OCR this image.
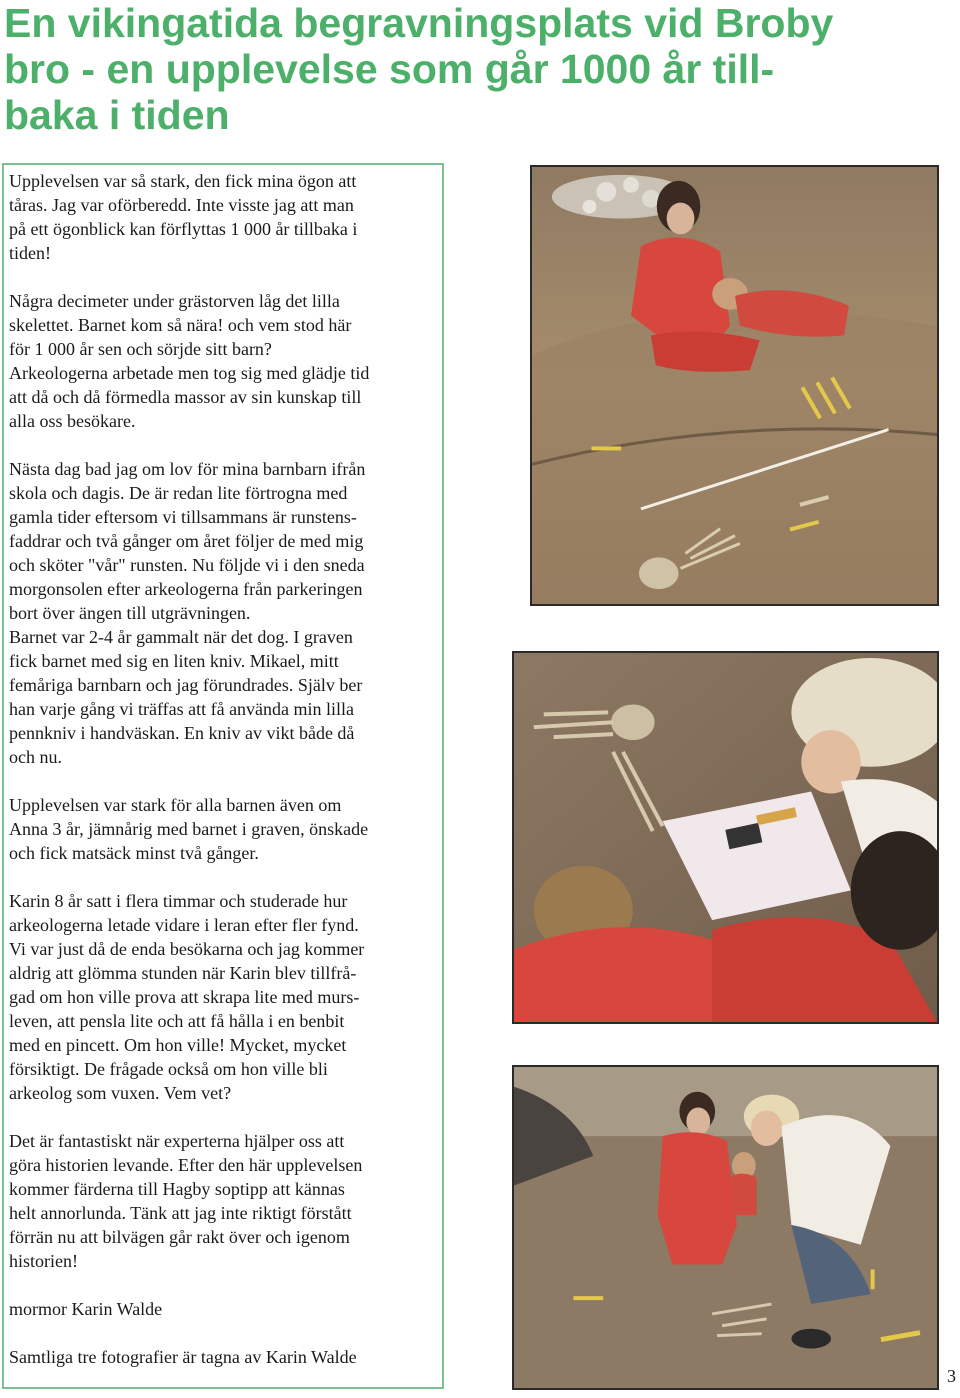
En vikingatida begravningsplats vid Broby
bro - en upplevelse som går 1000 år till-
baka i tiden

Upplevelsen var så stark, den fick mina ögon att
tåras. Jag var oförberedd. Inte visste jag att man
på ett ögonblick kan förflyttas 1 000 år tillbaka i
tiden!

Några decimeter under grästorven låg det lilla
skelettet. Barnet kom så nära! och vem stod här
för 1 000 år sen och sörjde sitt barn?
Arkeologerna arbetade men tog sig med glädje tid
att då och då förmedla massor av sin kunskap till
alla oss besökare.

Nästa dag bad jag om lov för mina barnbarn ifrån
skola och dagis. De är redan lite förtrogna med
gamla tider eftersom vi tillsammans är runstens-
faddrar och två gånger om året följer de med mig
och sköter "vår" runsten. Nu följde vi i den sneda
morgonsolen efter arkeologerna från parkeringen
bort över ängen till utgrävningen.
Barnet var 2-4 år gammalt när det dog. I graven
fick barnet med sig en liten kniv. Mikael, mitt
femåriga barnbarn och jag förundrades. Själv ber
han varje gång vi träffas att få använda min lilla
pennkniv i handväskan. En kniv av vikt både då
och nu.

Upplevelsen var stark för alla barnen även om
Anna 3 år, jämnårig med barnet i graven, önskade
och fick matsäck minst två gånger.

Karin 8 år satt i flera timmar och studerade hur
arkeologerna letade vidare i leran efter fler fynd.
Vi var just då de enda besökarna och jag kommer
aldrig att glömma stunden när Karin blev tillfrå-
gad om hon ville prova att skrapa lite med murs-
leven, att pensla lite och att få hålla i en benbit
med en pincett. Om hon ville! Mycket, mycket
försiktigt. De frågade också om hon ville bli
arkeolog som vuxen. Vem vet?

Det är fantastiskt när experterna hjälper oss att
göra historien levande. Efter den här upplevelsen
kommer färderna till Hagby soptipp att kännas
helt annorlunda. Tänk att jag inte riktigt förstått
förrän nu att bilvägen går rakt över och igenom
historien!

mormor Karin Walde

Samtliga tre fotografier är tagna av Karin Walde

3
